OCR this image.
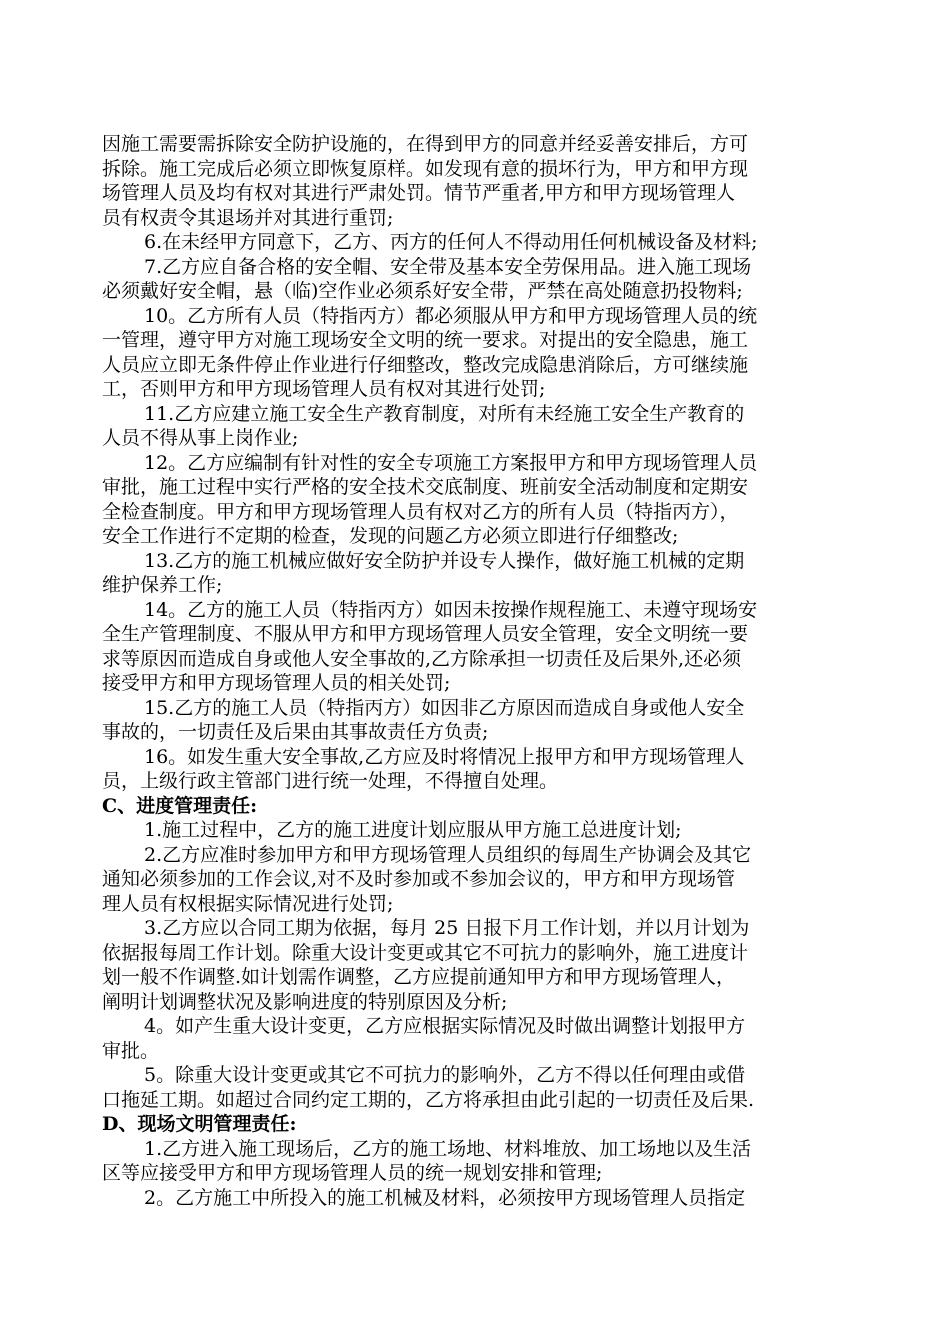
因施工需要需拆除安全防护设施的，在得到甲方的同意并经妥善安排后，方可
拆除。施工完成后必须立即恢复原样。如发现有意的损坏行为，甲方和甲方现
场管理人员及均有权对其进行严肃处罚。情节严重者,甲方和甲方现场管理人
员有权责令其退场并对其进行重罚;
6.在未经甲方同意下，乙方、丙方的任何人不得动用任何机械设备及材料;
7.乙方应自备合格的安全帽、安全带及基本安全劳保用品。进入施工现场
必须戴好安全帽，悬（临)空作业必须系好安全带，严禁在高处随意扔投物料;
10。乙方所有人员（特指丙方）都必须服从甲方和甲方现场管理人员的统
一管理，遵守甲方对施工现场安全文明的统一要求。对提出的安全隐患，施工
人员应立即无条件停止作业进行仔细整改，整改完成隐患消除后，方可继续施
工，否则甲方和甲方现场管理人员有权对其进行处罚;
11.乙方应建立施工安全生产教育制度，对所有未经施工安全生产教育的
人员不得从事上岗作业;
12。乙方应编制有针对性的安全专项施工方案报甲方和甲方现场管理人员
审批，施工过程中实行严格的安全技术交底制度、班前安全活动制度和定期安
全检查制度。甲方和甲方现场管理人员有权对乙方的所有人员（特指丙方），
安全工作进行不定期的检查，发现的问题乙方必须立即进行仔细整改;
13.乙方的施工机械应做好安全防护并设专人操作，做好施工机械的定期
维护保养工作;
14。乙方的施工人员（特指丙方）如因未按操作规程施工、未遵守现场安
全生产管理制度、不服从甲方和甲方现场管理人员安全管理，安全文明统一要
求等原因而造成自身或他人安全事故的,乙方除承担一切责任及后果外,还必须
接受甲方和甲方现场管理人员的相关处罚;
15.乙方的施工人员（特指丙方）如因非乙方原因而造成自身或他人安全
事故的，一切责任及后果由其事故责任方负责;
16。如发生重大安全事故,乙方应及时将情况上报甲方和甲方现场管理人
员，上级行政主管部门进行统一处理，不得擅自处理。
C、进度管理责任:
1.施工过程中，乙方的施工进度计划应服从甲方施工总进度计划;
2.乙方应准时参加甲方和甲方现场管理人员组织的每周生产协调会及其它
通知必须参加的工作会议,对不及时参加或不参加会议的，甲方和甲方现场管
理人员有权根据实际情况进行处罚;
3.乙方应以合同工期为依据，每月 25 日报下月工作计划，并以月计划为
依据报每周工作计划。除重大设计变更或其它不可抗力的影响外，施工进度计
划一般不作调整.如计划需作调整，乙方应提前通知甲方和甲方现场管理人，
阐明计划调整状况及影响进度的特别原因及分析;
4。如产生重大设计变更，乙方应根据实际情况及时做出调整计划报甲方
审批。
5。除重大设计变更或其它不可抗力的影响外，乙方不得以任何理由或借
口拖延工期。如超过合同约定工期的，乙方将承担由此引起的一切责任及后果.
D、现场文明管理责任:
1.乙方进入施工现场后，乙方的施工场地、材料堆放、加工场地以及生活
区等应接受甲方和甲方现场管理人员的统一规划安排和管理;
2。乙方施工中所投入的施工机械及材料，必须按甲方现场管理人员指定
